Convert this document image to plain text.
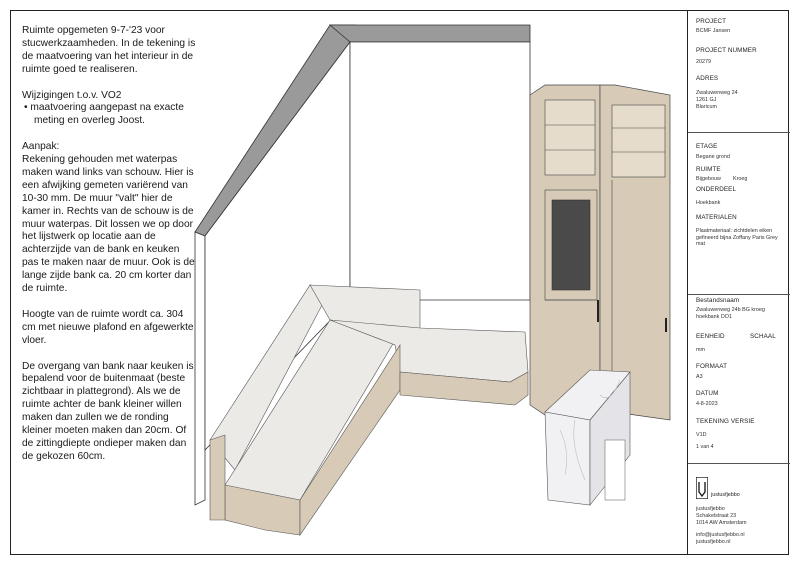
Ruimte opgemeten 9-7-'23 voor stucwerkzaamheden. In de tekening is de maatvoering van het interieur in de ruimte goed te realiseren.

Wijzigingen t.o.v. VO2

• maatvoering aangepast na exacte meting en overleg Joost.

Aanpak:

Rekening gehouden met waterpas maken wand links van schouw. Hier is een afwijking gemeten variërend van 10-30 mm. De muur "valt" hier de kamer in. Rechts van de schouw is de muur waterpas. Dit lossen we op door het lijstwerk op locatie aan de achterzijde van de bank en keuken pas te maken naar de muur. Ook is de lange zijde bank ca. 20 cm korter dan de ruimte.

Hoogte van de ruimte wordt ca. 304 cm met nieuwe plafond en afgewerkte vloer.

De overgang van bank naar keuken is bepalend voor de buitenmaat (beste zichtbaar in plattegrond). Als we de ruimte achter de bank kleiner willen maken dan zullen we de ronding kleiner moeten maken dan 20cm. Of de zittingdiepte ondieper maken dan de gekozen 60cm.

PROJECT
BCMF Jansen
PROJECT NUMMER
20279
ADRES
Zwaluwenweg 24
1261 GJ
Blaricum
ETAGE
Begane grond
RUIMTE
Bijgebouw	Kroeg
ONDERDEEL
Hoekbank
MATERIALEN
Plaatmateriaal: zichtdelen eiken gefineerd bijna Zoffany Paris Grey mat
Bestandsnaam
Zwaluwenweg 24b BG kroeg hoekbank DO1
EENHEID	SCHAAL
mm
FORMAAT
A3
DATUM
4-8-2023
TEKENING VERSIE
V1D
1 van 4
justusfjebbo
justusfjebbo
Schakelstraat 23
1014 AW Amsterdam
info@justusfjebbo.nl
justusfjebbo.nl
